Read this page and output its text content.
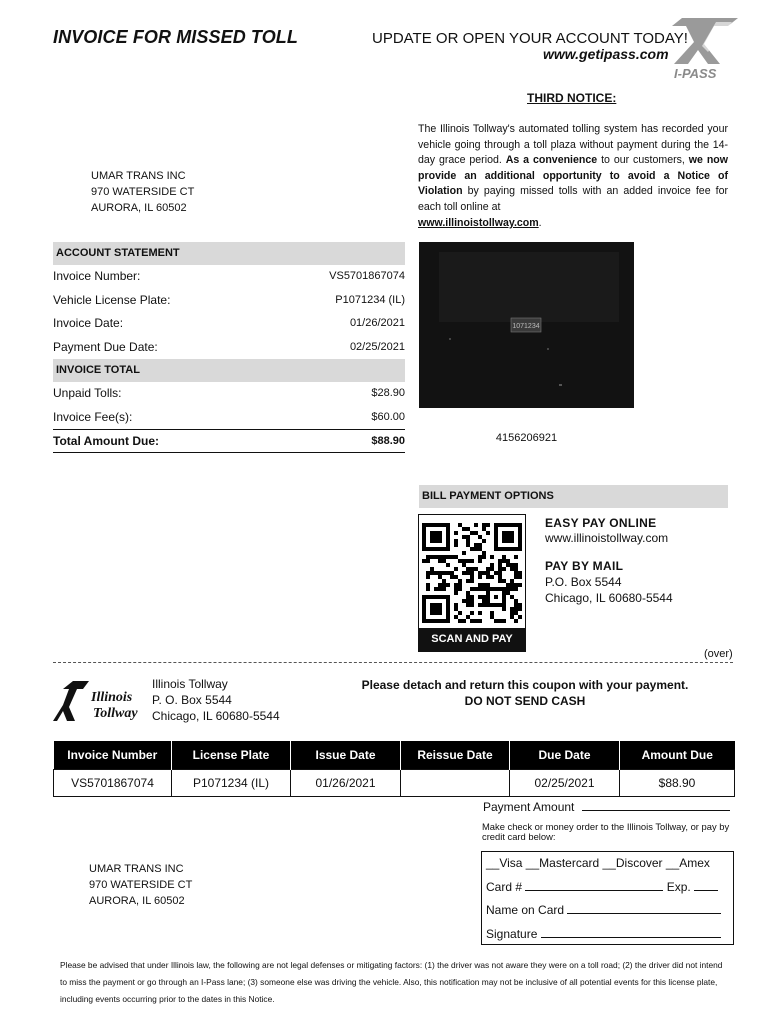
INVOICE FOR MISSED TOLL	UPDATE OR OPEN YOUR ACCOUNT TODAY!
www.getipass.com
I-PASS
THIRD NOTICE:
The Illinois Tollway's automated tolling system has recorded your vehicle going through a toll plaza without payment during the 14-day grace period. As a convenience to our customers, we now provide an additional opportunity to avoid a Notice of Violation by paying missed tolls with an added invoice fee for each toll online at
www.illinoistollway.com.
UMAR TRANS INC
970 WATERSIDE CT
AURORA, IL 60502
ACCOUNT STATEMENT
Invoice Number:	VS5701867074
Vehicle License Plate:	P1071234 (IL)
Invoice Date:	01/26/2021
Payment Due Date:	02/25/2021
INVOICE TOTAL
Unpaid Tolls:	$28.90
Invoice Fee(s):	$60.00
Total Amount Due:	$88.90
1071234
4156206921
BILL PAYMENT OPTIONS
SCAN AND PAY
EASY PAY ONLINE
www.illinoistollway.com
PAY BY MAIL
P.O. Box 5544
Chicago, IL 60680-5544
(over)
Illinois
Tollway
Illinois Tollway
P. O. Box 5544
Chicago, IL 60680-5544
Please detach and return this coupon with your payment.
DO NOT SEND CASH
Invoice Number	License Plate	Issue Date	Reissue Date	Due Date	Amount Due
VS5701867074	P1071234 (IL)	01/26/2021		02/25/2021	$88.90
Payment Amount
Make check or money order to the Illinois Tollway, or pay by credit card below:
__Visa __Mastercard __Discover __Amex
Card #	Exp.
Name on Card
Signature
UMAR TRANS INC
970 WATERSIDE CT
AURORA, IL 60502
Please be advised that under Illinois law, the following are not legal defenses or mitigating factors: (1) the driver was not aware they were on a toll road; (2) the driver did not intend to miss the payment or go through an I-Pass lane; (3) someone else was driving the vehicle. Also, this notification may not be inclusive of all potential events for this license plate, including events occurring prior to the dates in this Notice.
